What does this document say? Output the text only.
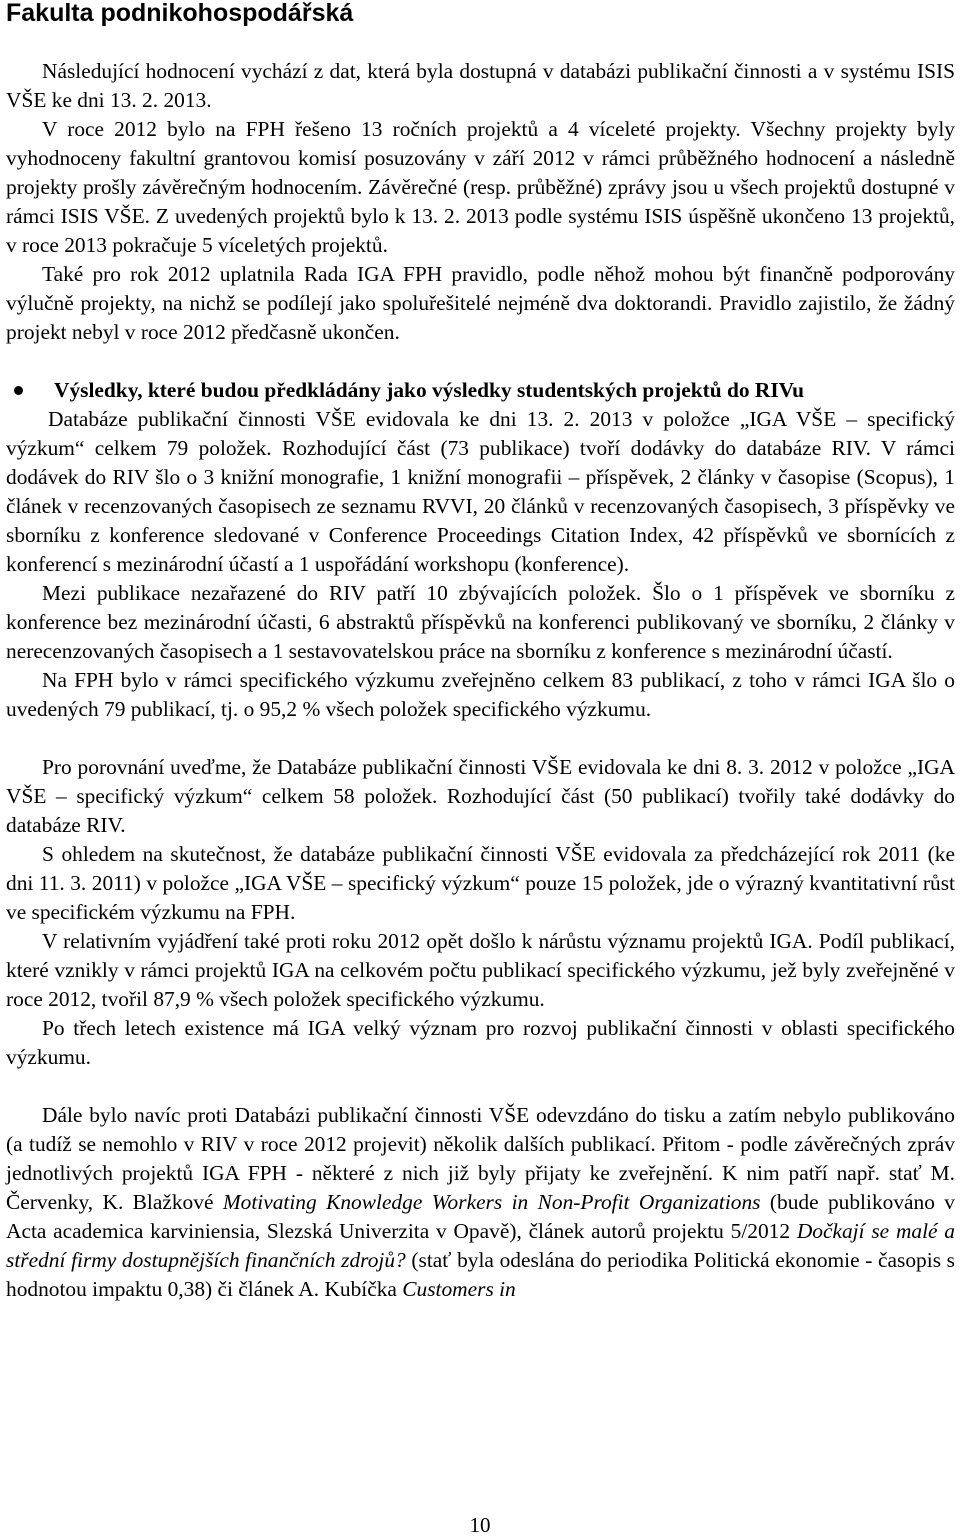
Fakulta podnikohospodářská

Následující hodnocení vychází z dat, která byla dostupná v databázi publikační činnosti a v systému ISIS VŠE ke dni 13. 2. 2013.

V roce 2012 bylo na FPH řešeno 13 ročních projektů a 4 víceleté projekty. Všechny projekty byly vyhodnoceny fakultní grantovou komisí posuzovány v září 2012 v rámci průběžného hodnocení a následně projekty prošly závěrečným hodnocením. Závěrečné (resp. průběžné) zprávy jsou u všech projektů dostupné v rámci ISIS VŠE. Z uvedených projektů bylo k 13. 2. 2013 podle systému ISIS úspěšně ukončeno 13 projektů, v roce 2013 pokračuje 5 víceletých projektů.

Také pro rok 2012 uplatnila Rada IGA FPH pravidlo, podle něhož mohou být finančně podporovány výlučně projekty, na nichž se podílejí jako spoluřešitelé nejméně dva doktorandi. Pravidlo zajistilo, že žádný projekt nebyl v roce 2012 předčasně ukončen.

Výsledky, které budou předkládány jako výsledky studentských projektů do RIVu

Databáze publikační činnosti VŠE evidovala ke dni 13. 2. 2013 v položce „IGA VŠE – specifický výzkum“ celkem 79 položek. Rozhodující část (73 publikace) tvoří dodávky do databáze RIV. V rámci dodávek do RIV šlo o 3 knižní monografie, 1 knižní monografii – příspěvek, 2 články v časopise (Scopus), 1 článek v recenzovaných časopisech ze seznamu RVVI, 20 článků v recenzovaných časopisech, 3 příspěvky ve sborníku z konference sledované v Conference Proceedings Citation Index, 42 příspěvků ve sbornících z konferencí s mezinárodní účastí a 1 uspořádání workshopu (konference).

Mezi publikace nezařazené do RIV patří 10 zbývajících položek. Šlo o 1 příspěvek ve sborníku z konference bez mezinárodní účasti, 6 abstraktů příspěvků na konferenci publikovaný ve sborníku, 2 články v nerecenzovaných časopisech a 1 sestavovatelskou práce na sborníku z konference s mezinárodní účastí.

Na FPH bylo v rámci specifického výzkumu zveřejněno celkem 83 publikací, z toho v rámci IGA šlo o uvedených 79 publikací, tj. o 95,2 % všech položek specifického výzkumu.

Pro porovnání uveďme, že Databáze publikační činnosti VŠE evidovala ke dni 8. 3. 2012 v položce „IGA VŠE – specifický výzkum“ celkem 58 položek. Rozhodující část (50 publikací) tvořily také dodávky do databáze RIV.

S ohledem na skutečnost, že databáze publikační činnosti VŠE evidovala za předcházející rok 2011 (ke dni 11. 3. 2011) v položce „IGA VŠE – specifický výzkum“ pouze 15 položek, jde o výrazný kvantitativní růst ve specifickém výzkumu na FPH.

V relativním vyjádření také proti roku 2012 opět došlo k nárůstu významu projektů IGA. Podíl publikací, které vznikly v rámci projektů IGA na celkovém počtu publikací specifického výzkumu, jež byly zveřejněné v roce 2012, tvořil 87,9 % všech položek specifického výzkumu.

Po třech letech existence má IGA velký význam pro rozvoj publikační činnosti v oblasti specifického výzkumu.

Dále bylo navíc proti Databázi publikační činnosti VŠE odevzdáno do tisku a zatím nebylo publikováno (a tudíž se nemohlo v RIV v roce 2012 projevit) několik dalších publikací. Přitom - podle závěrečných zpráv jednotlivých projektů IGA FPH - některé z nich již byly přijaty ke zveřejnění. K nim patří např. stať M. Červenky, K. Blažkové Motivating Knowledge Workers in Non-Profit Organizations (bude publikováno v Acta academica karviniensia, Slezská Univerzita v Opavě), článek autorů projektu 5/2012 Dočkají se malé a střední firmy dostupnějších finančních zdrojů? (stať byla odeslána do periodika Politická ekonomie - časopis s hodnotou impaktu 0,38) či článek A. Kubíčka Customers in

10
